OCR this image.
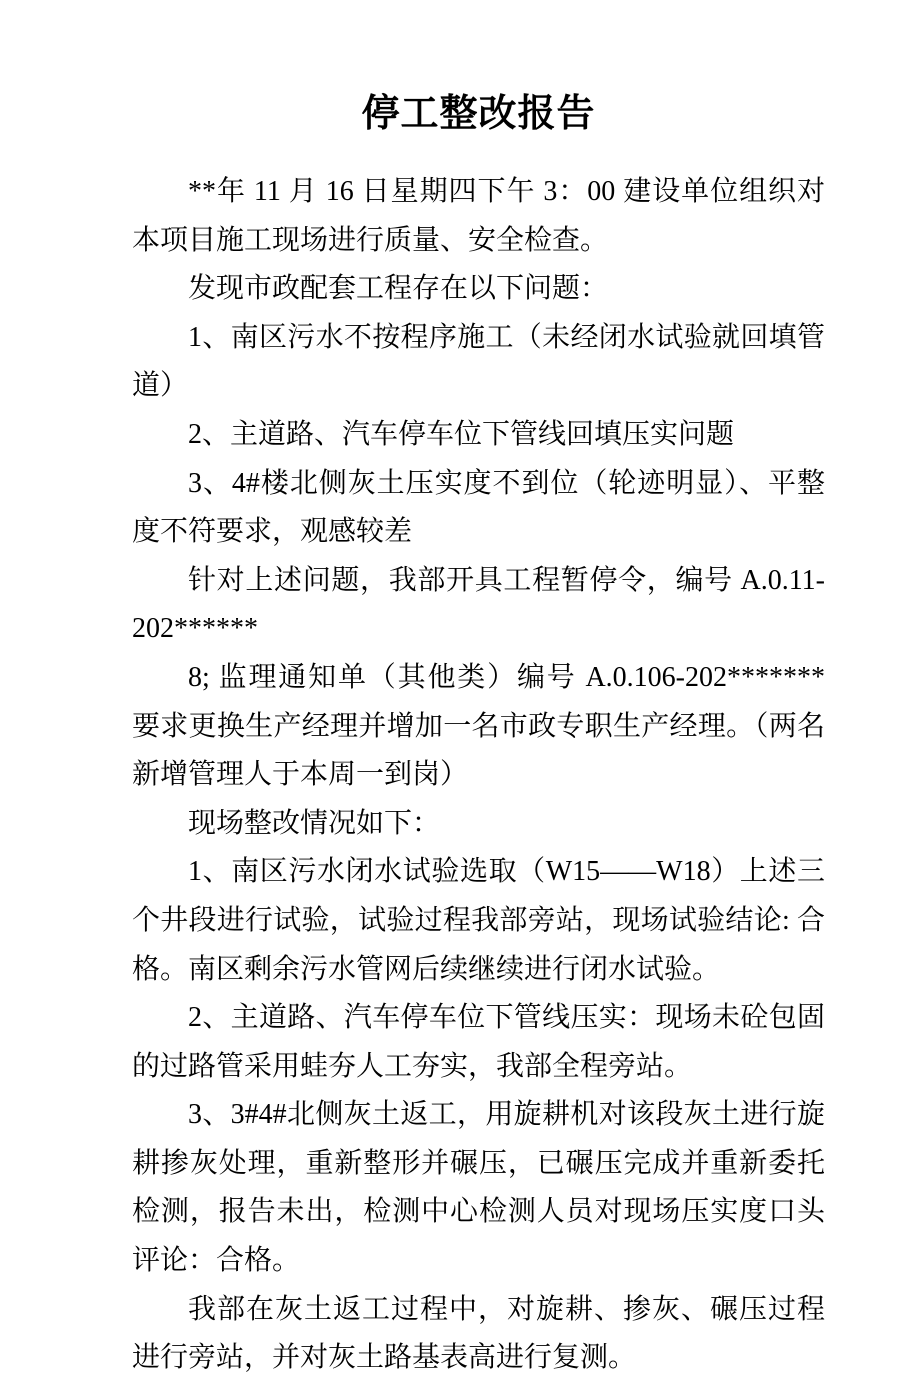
停工整改报告

**年 11 月 16 日星期四下午 3：00 建设单位组织对本项目施工现场进行质量、安全检查。

发现市政配套工程存在以下问题：

1、南区污水不按程序施工（未经闭水试验就回填管道）

2、主道路、汽车停车位下管线回填压实问题

3、4#楼北侧灰土压实度不到位（轮迹明显）、平整度不符要求，观感较差

针对上述问题，我部开具工程暂停令，编号 A.0.11-202******

8; 监理通知单（其他类）编号 A.0.106-202*******要求更换生产经理并增加一名市政专职生产经理。（两名新增管理人于本周一到岗）

现场整改情况如下：

1、南区污水闭水试验选取（W15——W18）上述三个井段进行试验，试验过程我部旁站，现场试验结论: 合格。南区剩余污水管网后续继续进行闭水试验。

2、主道路、汽车停车位下管线压实：现场未砼包固的过路管采用蛙夯人工夯实，我部全程旁站。

3、3#4#北侧灰土返工，用旋耕机对该段灰土进行旋耕掺灰处理，重新整形并碾压，已碾压完成并重新委托检测，报告未出，检测中心检测人员对现场压实度口头评论：合格。

我部在灰土返工过程中，对旋耕、掺灰、碾压过程进行旁站，并对灰土路基表高进行复测。
